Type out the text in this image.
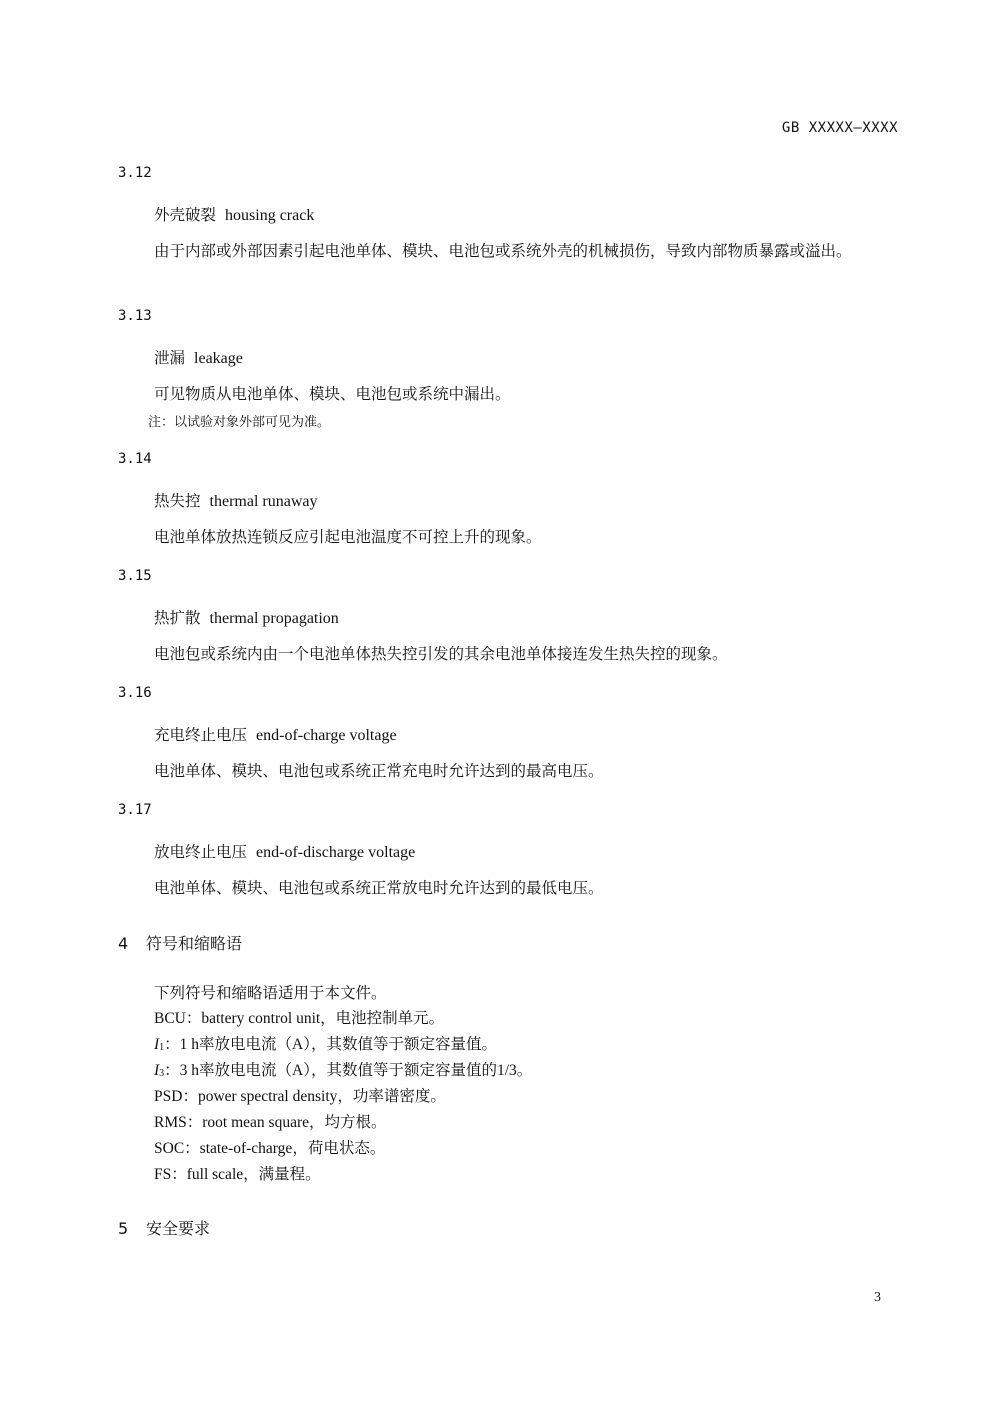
GB XXXXX—XXXX
3.12
外壳破裂 housing crack
由于内部或外部因素引起电池单体、模块、电池包或系统外壳的机械损伤，导致内部物质暴露或溢出。
3.13
泄漏 leakage
可见物质从电池单体、模块、电池包或系统中漏出。
注：以试验对象外部可见为准。
3.14
热失控 thermal runaway
电池单体放热连锁反应引起电池温度不可控上升的现象。
3.15
热扩散 thermal propagation
电池包或系统内由一个电池单体热失控引发的其余电池单体接连发生热失控的现象。
3.16
充电终止电压 end-of-charge voltage
电池单体、模块、电池包或系统正常充电时允许达到的最高电压。
3.17
放电终止电压 end-of-discharge voltage
电池单体、模块、电池包或系统正常放电时允许达到的最低电压。
4 符号和缩略语
下列符号和缩略语适用于本文件。
BCU：battery control unit，电池控制单元。
I1：1 h率放电电流（A），其数值等于额定容量值。
I3：3 h率放电电流（A），其数值等于额定容量值的1/3。
PSD：power spectral density，功率谱密度。
RMS：root mean square，均方根。
SOC：state-of-charge，荷电状态。
FS：full scale，满量程。
5 安全要求
3
